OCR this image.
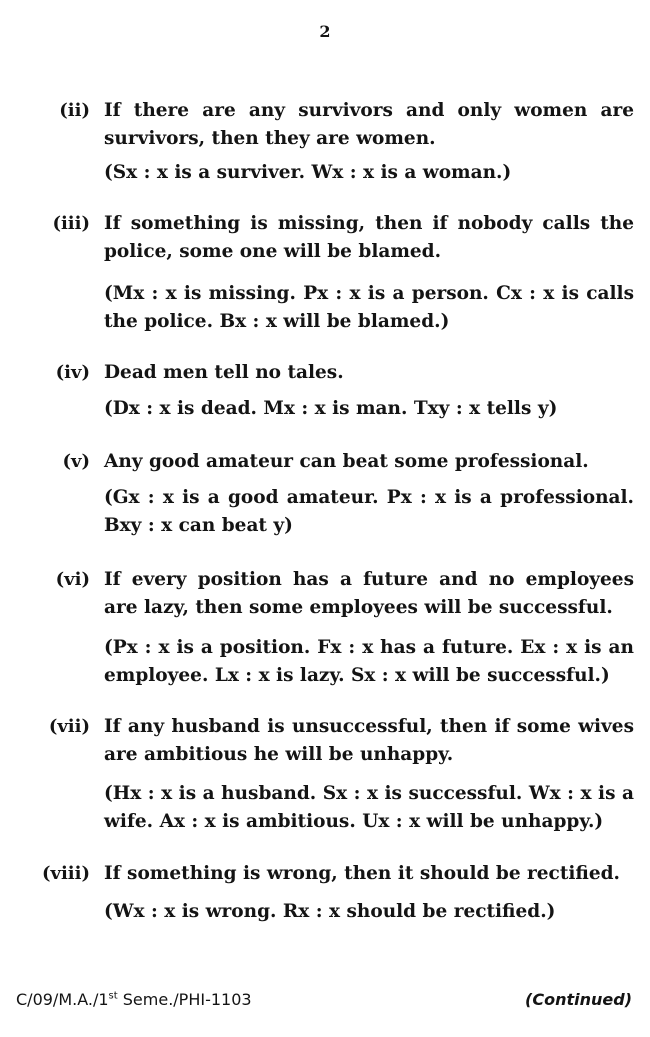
2
(ii) If there are any survivors and only women are survivors, then they are women.
(Sx : x is a surviver. Wx : x is a woman.)
(iii) If something is missing, then if nobody calls the police, some one will be blamed.
(Mx : x is missing. Px : x is a person. Cx : x is calls the police. Bx : x will be blamed.)
(iv) Dead men tell no tales.
(Dx : x is dead. Mx : x is man. Txy : x tells y)
(v) Any good amateur can beat some professional.
(Gx : x is a good amateur. Px : x is a professional. Bxy : x can beat y)
(vi) If every position has a future and no employees are lazy, then some employees will be successful.
(Px : x is a position. Fx : x has a future. Ex : x is an employee. Lx : x is lazy. Sx : x will be successful.)
(vii) If any husband is unsuccessful, then if some wives are ambitious he will be unhappy.
(Hx : x is a husband. Sx : x is successful. Wx : x is a wife. Ax : x is ambitious. Ux : x will be unhappy.)
(viii) If something is wrong, then it should be rectified.
(Wx : x is wrong. Rx : x should be rectified.)
C/09/M.A./1st Seme./PHI-1103	(Continued)
